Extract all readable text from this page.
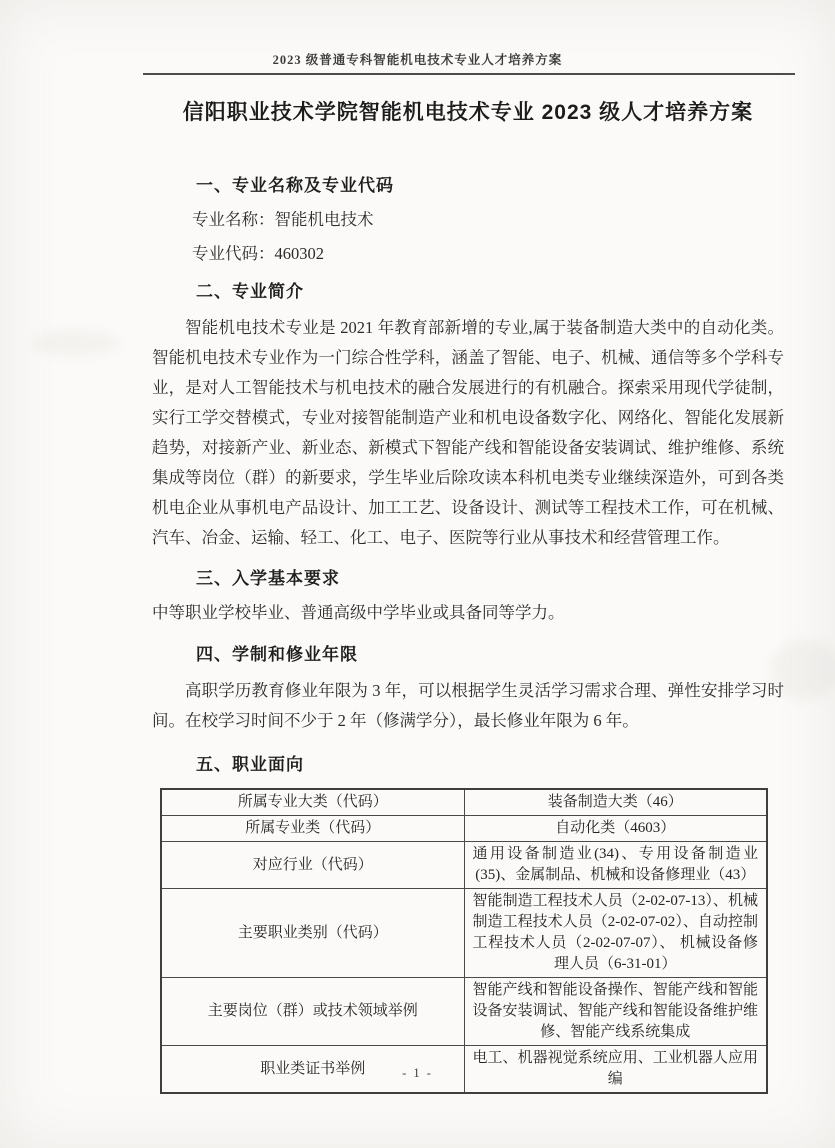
2023 级普通专科智能机电技术专业人才培养方案
信阳职业技术学院智能机电技术专业 2023 级人才培养方案
一、专业名称及专业代码
专业名称：智能机电技术
专业代码：460302
二、专业简介
智能机电技术专业是 2021 年教育部新增的专业,属于装备制造大类中的自动化类。智能机电技术专业作为一门综合性学科，涵盖了智能、电子、机械、通信等多个学科专业，是对人工智能技术与机电技术的融合发展进行的有机融合。探索采用现代学徒制，实行工学交替模式，专业对接智能制造产业和机电设备数字化、网络化、智能化发展新趋势，对接新产业、新业态、新模式下智能产线和智能设备安装调试、维护维修、系统集成等岗位（群）的新要求，学生毕业后除攻读本科机电类专业继续深造外，可到各类机电企业从事机电产品设计、加工工艺、设备设计、测试等工程技术工作，可在机械、汽车、冶金、运输、轻工、化工、电子、医院等行业从事技术和经营管理工作。
三、入学基本要求
中等职业学校毕业、普通高级中学毕业或具备同等学力。
四、学制和修业年限
高职学历教育修业年限为 3 年，可以根据学生灵活学习需求合理、弹性安排学习时间。在校学习时间不少于 2 年（修满学分），最长修业年限为 6 年。
五、职业面向
所属专业大类（代码）	装备制造大类（46）
所属专业类（代码）	自动化类（4603）
对应行业（代码）	通用设备制造业(34)、专用设备制造业(35)、金属制品、机械和设备修理业（43）
主要职业类别（代码）	智能制造工程技术人员（2-02-07-13）、机械制造工程技术人员（2-02-07-02）、自动控制工程技术人员（2-02-07-07）、 机械设备修理人员（6-31-01）
主要岗位（群）或技术领域举例	智能产线和智能设备操作、智能产线和智能设备安装调试、智能产线和智能设备维护维修、智能产线系统集成
职业类证书举例	电工、机器视觉系统应用、工业机器人应用编
- 1 -
